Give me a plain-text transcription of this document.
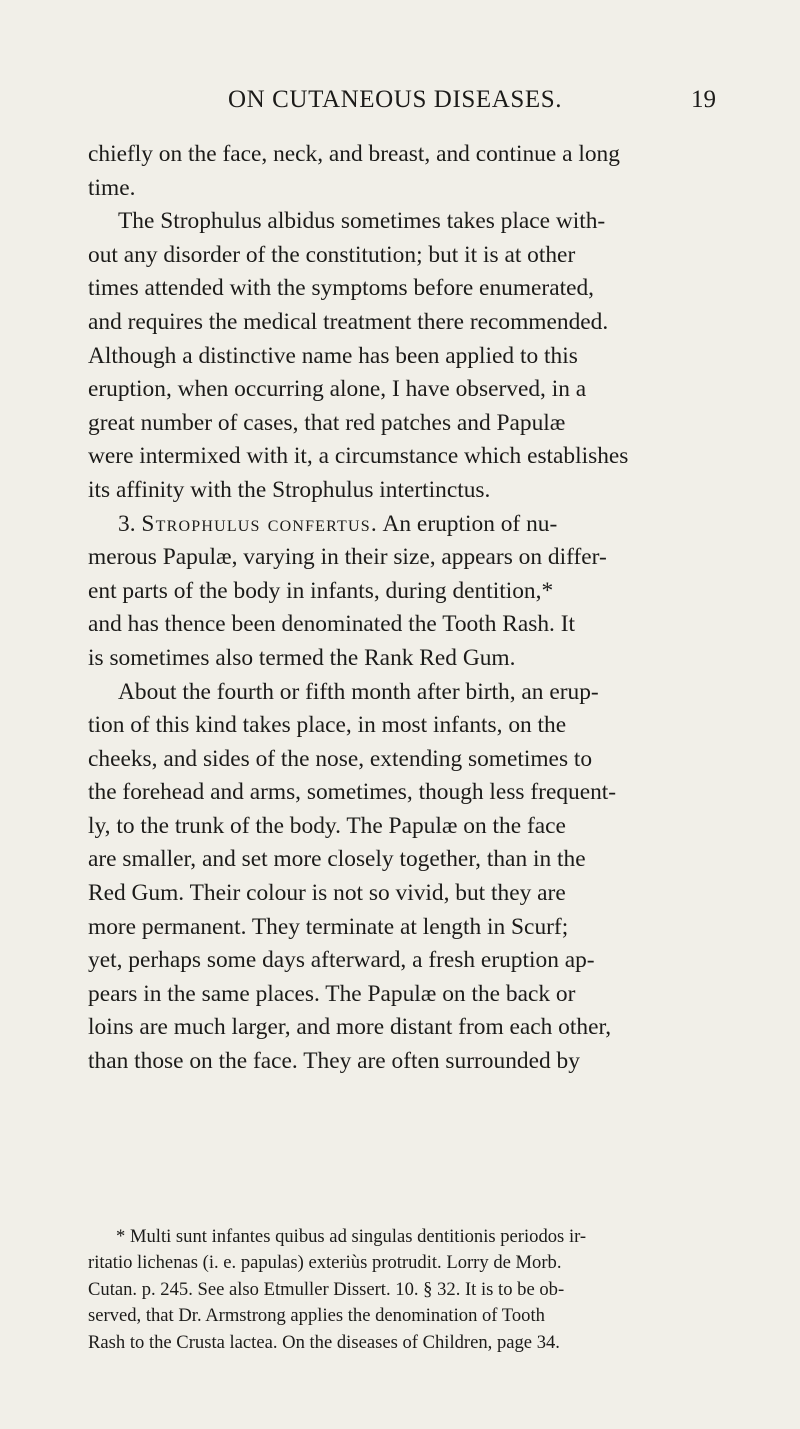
ON CUTANEOUS DISEASES.	19
chiefly on the face, neck, and breast, and continue a long
time.
The Strophulus albidus sometimes takes place with-
out any disorder of the constitution; but it is at other
times attended with the symptoms before enumerated,
and requires the medical treatment there recommended.
Although a distinctive name has been applied to this
eruption, when occurring alone, I have observed, in a
great number of cases, that red patches and Papulæ
were intermixed with it, a circumstance which establishes
its affinity with the Strophulus intertinctus.
3. Strophulus confertus. An eruption of nu-
merous Papulæ, varying in their size, appears on differ-
ent parts of the body in infants, during dentition,*
and has thence been denominated the Tooth Rash. It
is sometimes also termed the Rank Red Gum.
About the fourth or fifth month after birth, an erup-
tion of this kind takes place, in most infants, on the
cheeks, and sides of the nose, extending sometimes to
the forehead and arms, sometimes, though less frequent-
ly, to the trunk of the body. The Papulæ on the face
are smaller, and set more closely together, than in the
Red Gum. Their colour is not so vivid, but they are
more permanent. They terminate at length in Scurf;
yet, perhaps some days afterward, a fresh eruption ap-
pears in the same places. The Papulæ on the back or
loins are much larger, and more distant from each other,
than those on the face. They are often surrounded by
* Multi sunt infantes quibus ad singulas dentitionis periodos ir-
ritatio lichenas (i. e. papulas) exteriùs protrudit. Lorry de Morb.
Cutan. p. 245. See also Etmuller Dissert. 10. § 32. It is to be ob-
served, that Dr. Armstrong applies the denomination of Tooth
Rash to the Crusta lactea. On the diseases of Children, page 34.
